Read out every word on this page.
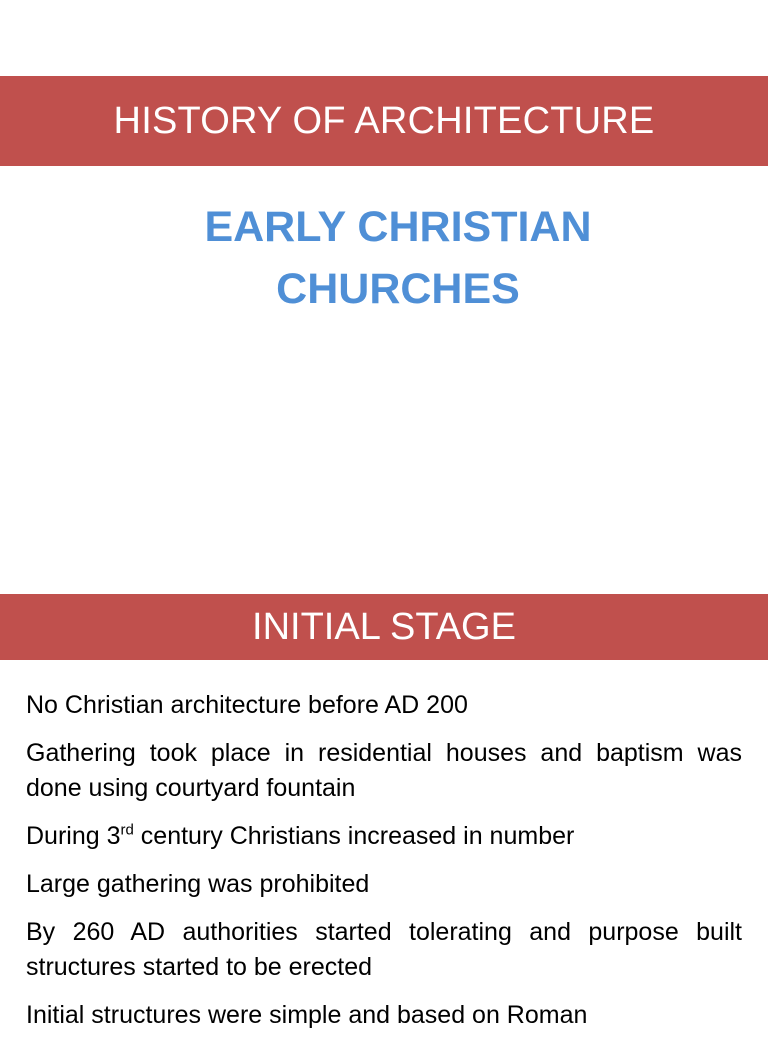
HISTORY OF ARCHITECTURE
EARLY CHRISTIAN
CHURCHES
INITIAL STAGE
No Christian architecture before AD 200
Gathering took place in residential houses and baptism was done using courtyard fountain
During 3rd century Christians increased in number
Large gathering was prohibited
By 260 AD authorities started tolerating and purpose built structures started to be erected
Initial structures were simple and based on Roman
